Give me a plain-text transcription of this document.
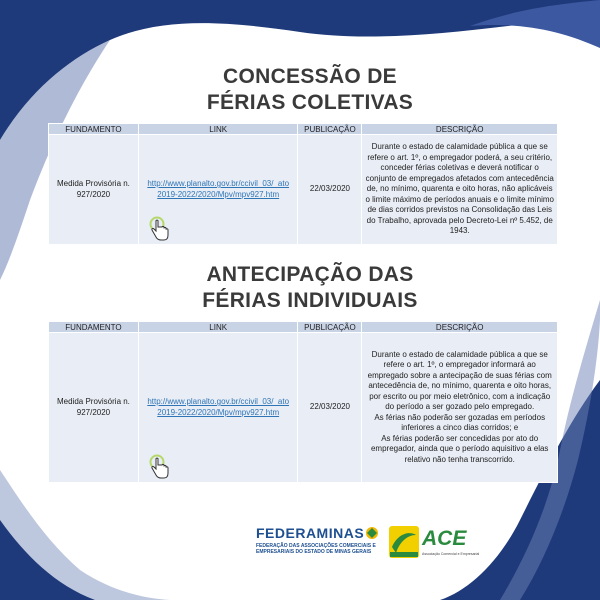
CONCESSÃO DE
FÉRIAS COLETIVAS
FUNDAMENTO	LINK	PUBLICAÇÃO	DESCRIÇÃO
Medida Provisória n. 927/2020	http://www.planalto.gov.br/ccivil_03/_ato2019-2022/2020/Mpv/mpv927.htm	22/03/2020	Durante o estado de calamidade pública a que se refere o art. 1º, o empregador poderá, a seu critério, conceder férias coletivas e deverá notificar o conjunto de empregados afetados com antecedência de, no mínimo, quarenta e oito horas, não aplicáveis o limite máximo de períodos anuais e o limite mínimo de dias corridos previstos na Consolidação das Leis do Trabalho, aprovada pelo Decreto-Lei nº 5.452, de 1943.
ANTECIPAÇÃO DAS
FÉRIAS INDIVIDUAIS
FUNDAMENTO	LINK	PUBLICAÇÃO	DESCRIÇÃO
Medida Provisória n. 927/2020	http://www.planalto.gov.br/ccivil_03/_ato2019-2022/2020/Mpv/mpv927.htm	22/03/2020	Durante o estado de calamidade pública a que se refere o art. 1º, o empregador informará ao empregado sobre a antecipação de suas férias com antecedência de, no mínimo, quarenta e oito horas, por escrito ou por meio eletrônico, com a indicação do período a ser gozado pelo empregado.
As férias não poderão ser gozadas em períodos inferiores a cinco dias corridos; e
As férias poderão ser concedidas por ato do empregador, ainda que o período aquisitivo a elas relativo não tenha transcorrido.
FEDERAMINAS
FEDERAÇÃO DAS ASSOCIAÇÕES COMERCIAIS E
EMPRESARIAIS DO ESTADO DE MINAS GERAIS
ACE
Associação Comercial e Empresarial
